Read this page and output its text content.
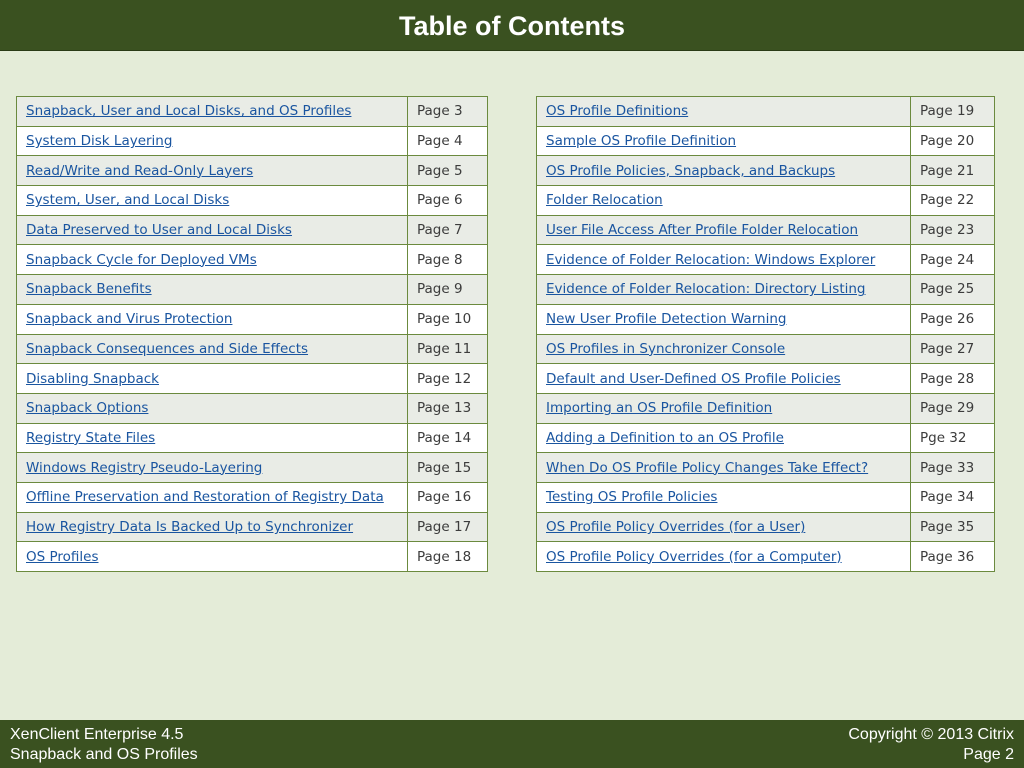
Table of Contents
Snapback, User and Local Disks, and OS Profiles	Page 3
System Disk Layering	Page 4
Read/Write and Read-Only Layers	Page 5
System, User, and Local Disks	Page 6
Data Preserved to User and Local Disks	Page 7
Snapback Cycle for Deployed VMs	Page 8
Snapback Benefits	Page 9
Snapback and Virus Protection	Page 10
Snapback Consequences and Side Effects	Page 11
Disabling Snapback	Page 12
Snapback Options	Page 13
Registry State Files	Page 14
Windows Registry Pseudo-Layering	Page 15
Offline Preservation and Restoration of Registry Data	Page 16
How Registry Data Is Backed Up to Synchronizer	Page 17
OS Profiles	Page 18
OS Profile Definitions	Page 19
Sample OS Profile Definition	Page 20
OS Profile Policies, Snapback, and Backups	Page 21
Folder Relocation	Page 22
User File Access After Profile Folder Relocation	Page 23
Evidence of Folder Relocation: Windows Explorer	Page 24
Evidence of Folder Relocation: Directory Listing	Page 25
New User Profile Detection Warning	Page 26
OS Profiles in Synchronizer Console	Page 27
Default and User-Defined OS Profile Policies	Page 28
Importing an OS Profile Definition	Page 29
Adding a Definition to an OS Profile	Pge 32
When Do OS Profile Policy Changes Take Effect?	Page 33
Testing OS Profile Policies	Page 34
OS Profile Policy Overrides (for a User)	Page 35
OS Profile Policy Overrides (for a Computer)	Page 36
XenClient Enterprise 4.5
Snapback and OS Profiles
Copyright © 2013 Citrix
Page 2
